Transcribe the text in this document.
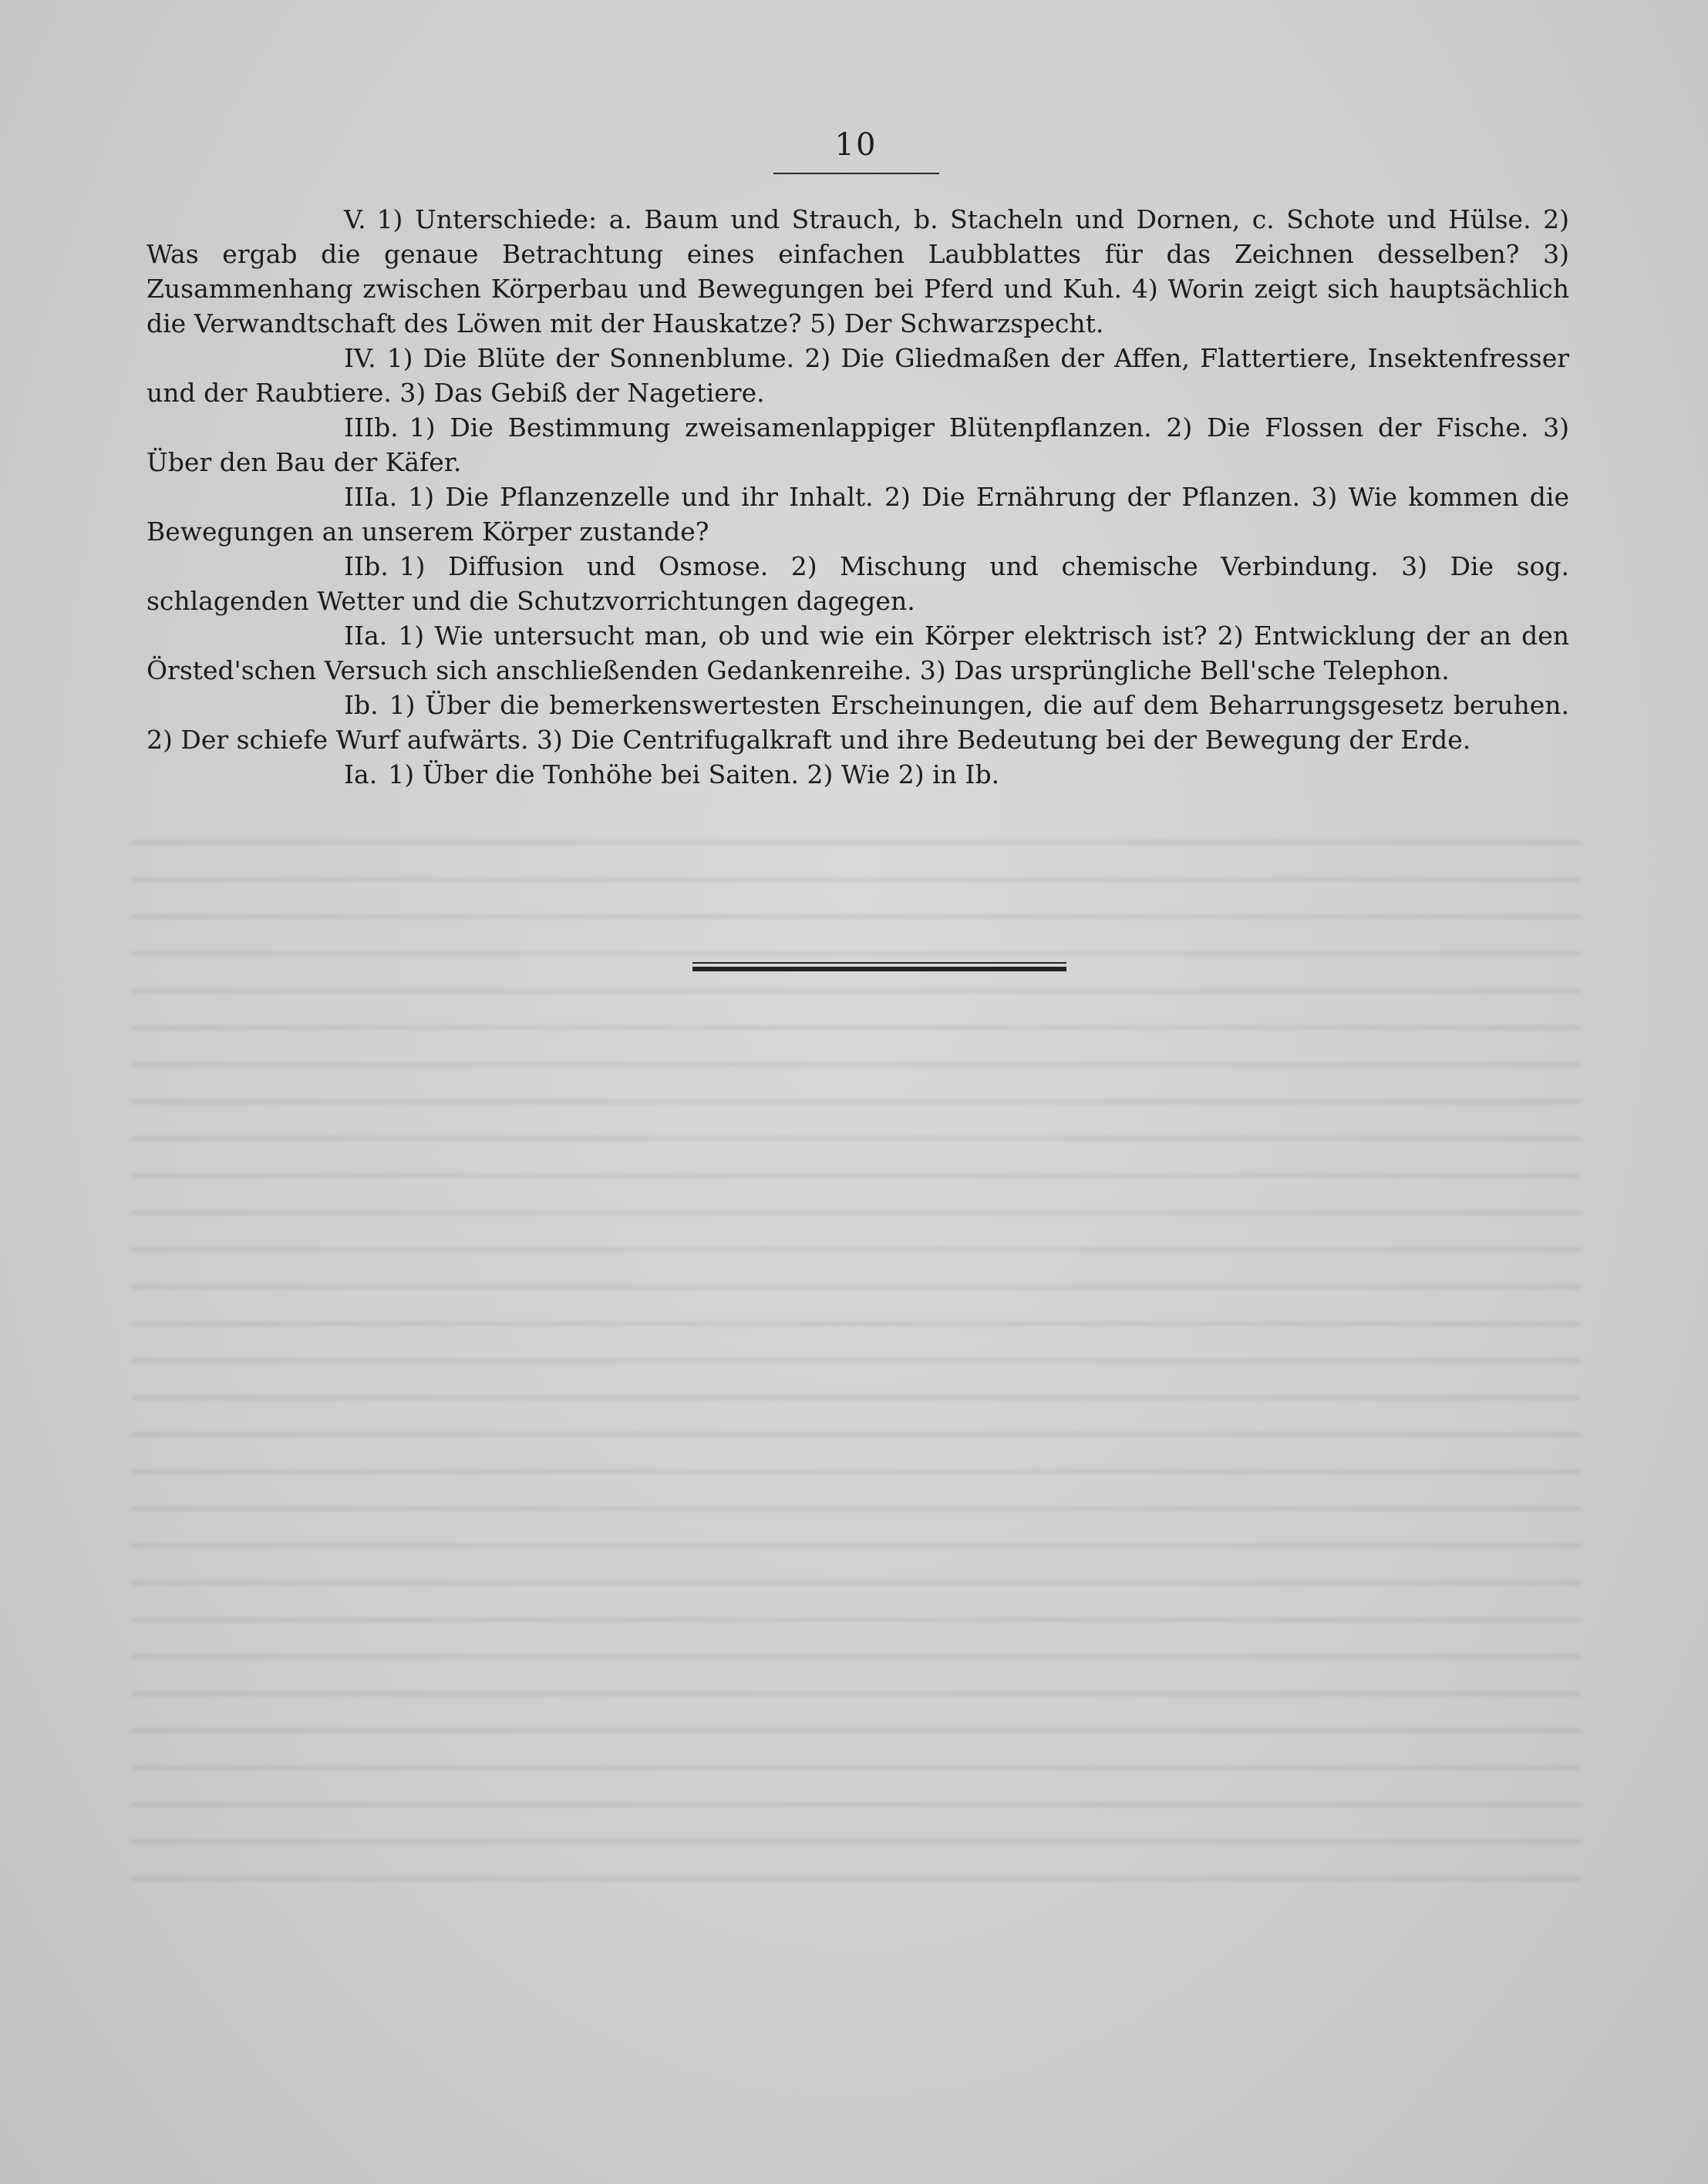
10

V. 1) Unterschiede: a. Baum und Strauch, b. Stacheln und Dornen, c. Schote und Hülse. 2) Was ergab die genaue Betrachtung eines einfachen Laubblattes für das Zeichnen desselben? 3) Zusammenhang zwischen Körperbau und Bewegungen bei Pferd und Kuh. 4) Worin zeigt sich hauptsächlich die Verwandtschaft des Löwen mit der Hauskatze? 5) Der Schwarzspecht.

IV. 1) Die Blüte der Sonnenblume. 2) Die Gliedmaßen der Affen, Flattertiere, Insektenfresser und der Raubtiere. 3) Das Gebiß der Nagetiere.

IIIb. 1) Die Bestimmung zweisamenlappiger Blütenpflanzen. 2) Die Flossen der Fische. 3) Über den Bau der Käfer.

IIIa. 1) Die Pflanzenzelle und ihr Inhalt. 2) Die Ernährung der Pflanzen. 3) Wie kommen die Bewegungen an unserem Körper zustande?

IIb. 1) Diffusion und Osmose. 2) Mischung und chemische Verbindung. 3) Die sog. schlagenden Wetter und die Schutzvorrichtungen dagegen.

IIa. 1) Wie untersucht man, ob und wie ein Körper elektrisch ist? 2) Entwicklung der an den Örsted'schen Versuch sich anschließenden Gedankenreihe. 3) Das ursprüngliche Bell'sche Telephon.

Ib. 1) Über die bemerkenswertesten Erscheinungen, die auf dem Beharrungsgesetz beruhen. 2) Der schiefe Wurf aufwärts. 3) Die Centrifugalkraft und ihre Bedeutung bei der Bewegung der Erde.

Ia. 1) Über die Tonhöhe bei Saiten. 2) Wie 2) in Ib.
